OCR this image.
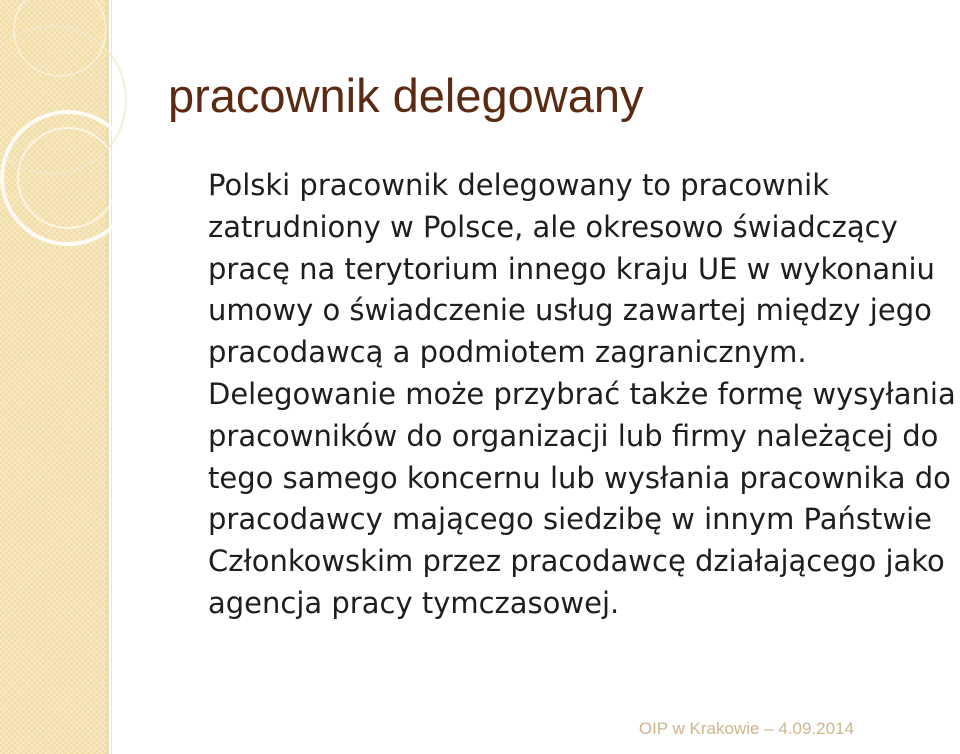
pracownik delegowany

Polski pracownik delegowany to pracownik zatrudniony w Polsce, ale okresowo świadczący pracę na terytorium innego kraju UE w wykonaniu umowy o świadczenie usług zawartej między jego pracodawcą a podmiotem zagranicznym. Delegowanie może przybrać także formę wysyłania pracowników do organizacji lub firmy należącej do tego samego koncernu lub wysłania pracownika do pracodawcy mającego siedzibę w innym Państwie Członkowskim przez pracodawcę działającego jako agencja pracy tymczasowej.

OIP w Krakowie – 4.09.2014
